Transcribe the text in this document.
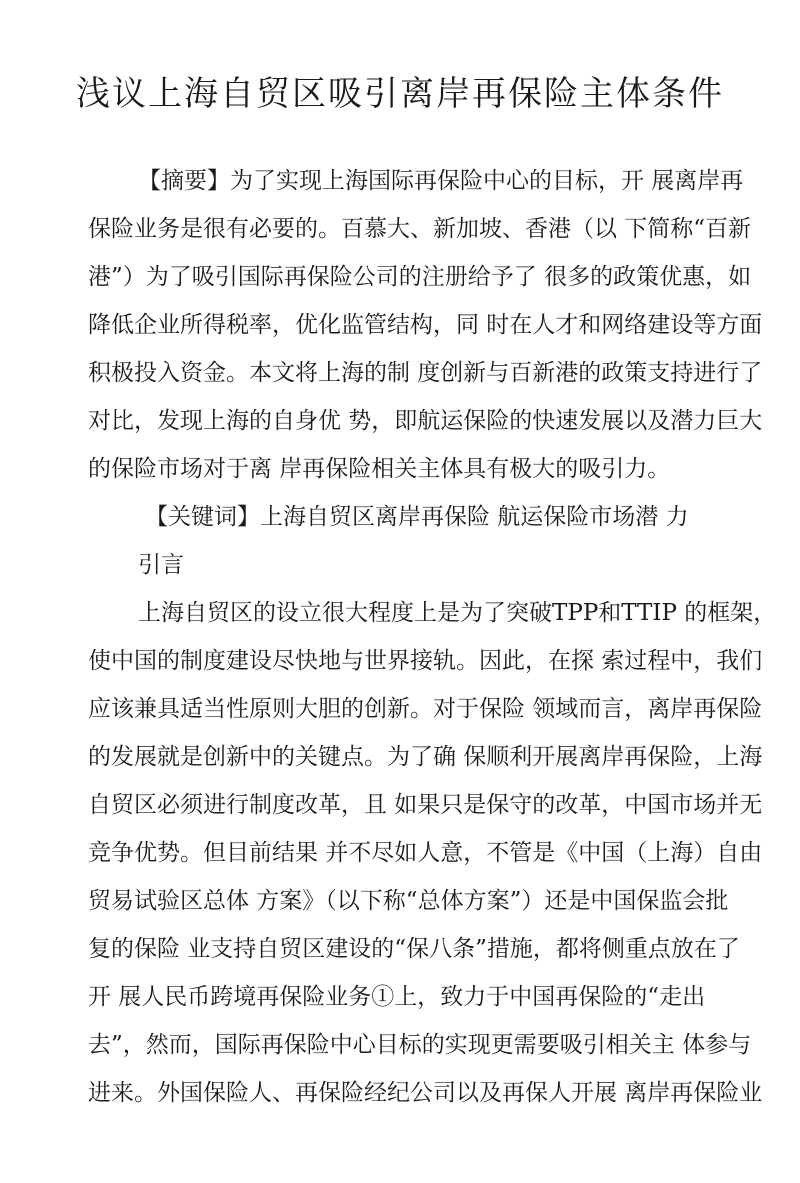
浅议上海自贸区吸引离岸再保险主体条件

【摘要】为了实现上海国际再保险中心的目标，开 展离岸再

保险业务是很有必要的。百慕大、新加坡、香港（以 下简称“百新

港”）为了吸引国际再保险公司的注册给予了 很多的政策优惠，如

降低企业所得税率，优化监管结构，同 时在人才和网络建设等方面

积极投入资金。本文将上海的制 度创新与百新港的政策支持进行了

对比，发现上海的自身优 势，即航运保险的快速发展以及潜力巨大

的保险市场对于离 岸再保险相关主体具有极大的吸引力。

【关键词】上海自贸区离岸再保险 航运保险市场潜 力

引言

上海自贸区的设立很大程度上是为了突破TPP和TTIP 的框架，

使中国的制度建设尽快地与世界接轨。因此，在探 索过程中，我们

应该兼具适当性原则大胆的创新。对于保险 领域而言，离岸再保险

的发展就是创新中的关键点。为了确 保顺利开展离岸再保险，上海

自贸区必须进行制度改革，且 如果只是保守的改革，中国市场并无

竞争优势。但目前结果 并不尽如人意，不管是《中国（上海）自由

贸易试验区总体 方案》（以下称“总体方案”）还是中国保监会批

复的保险 业支持自贸区建设的“保八条”措施，都将侧重点放在了

开 展人民币跨境再保险业务①上，致力于中国再保险的“走出

去”，然而，国际再保险中心目标的实现更需要吸引相关主 体参与

进来。外国保险人、再保险经纪公司以及再保人开展 离岸再保险业
